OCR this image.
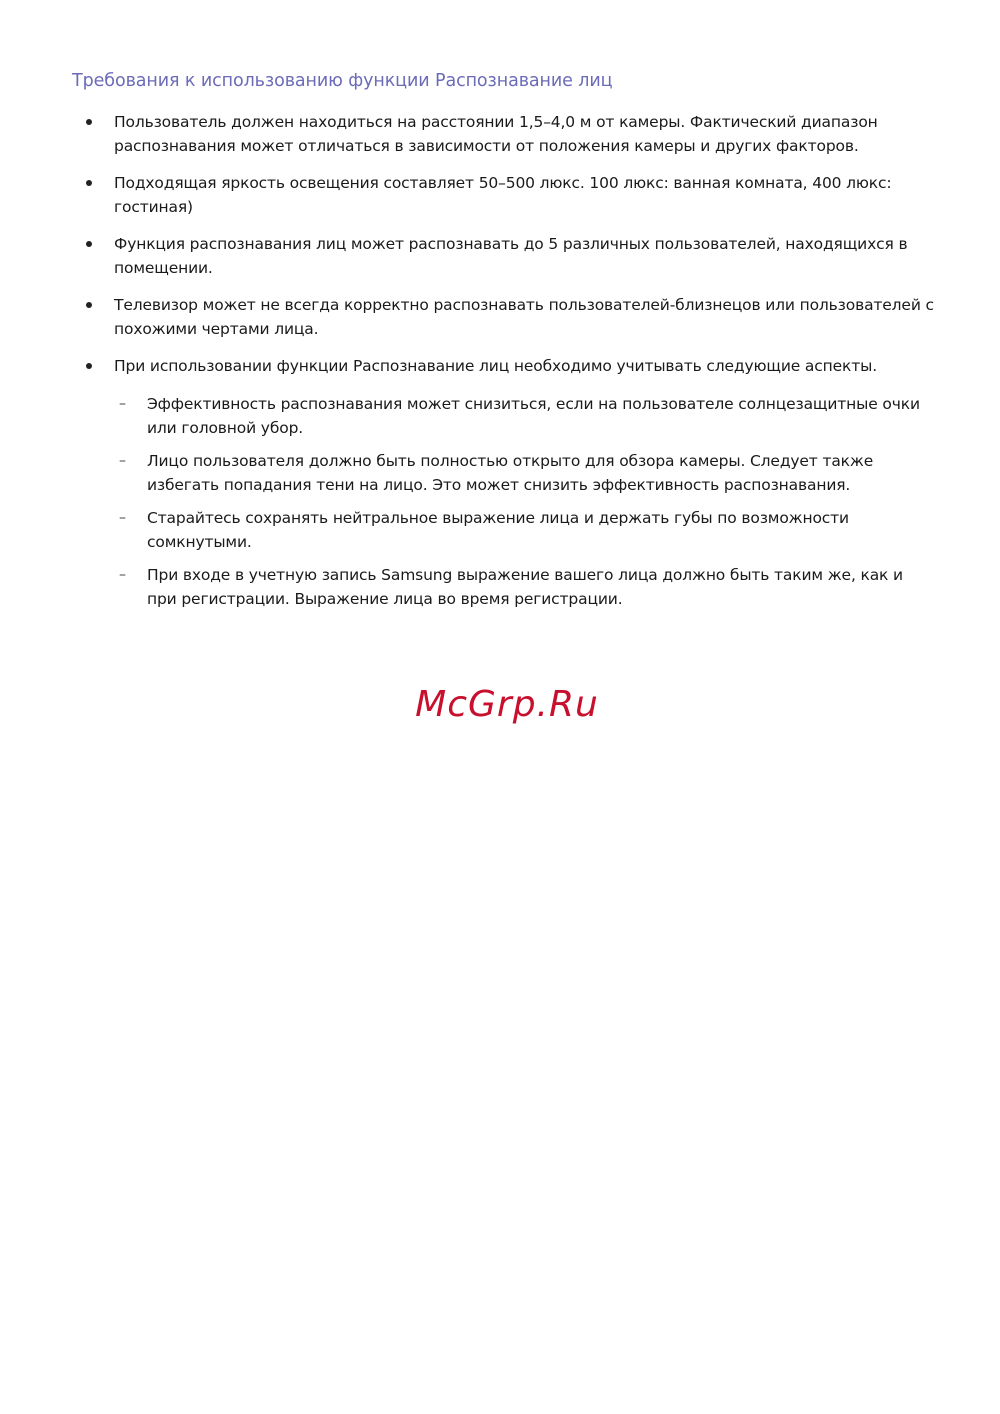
Требования к использованию функции Распознавание лиц
Пользователь должен находиться на расстоянии 1,5–4,0 м от камеры. Фактический диапазон распознавания может отличаться в зависимости от положения камеры и других факторов.
Подходящая яркость освещения составляет 50–500 люкс. 100 люкс: ванная комната, 400 люкс: гостиная)
Функция распознавания лиц может распознавать до 5 различных пользователей, находящихся в помещении.
Телевизор может не всегда корректно распознавать пользователей-близнецов или пользователей с похожими чертами лица.
При использовании функции Распознавание лиц необходимо учитывать следующие аспекты.
– Эффективность распознавания может снизиться, если на пользователе солнцезащитные очки или головной убор.
– Лицо пользователя должно быть полностью открыто для обзора камеры. Следует также избегать попадания тени на лицо. Это может снизить эффективность распознавания.
– Старайтесь сохранять нейтральное выражение лица и держать губы по возможности сомкнутыми.
– При входе в учетную запись Samsung выражение вашего лица должно быть таким же, как и при регистрации. Выражение лица во время регистрации.
McGrp.Ru
